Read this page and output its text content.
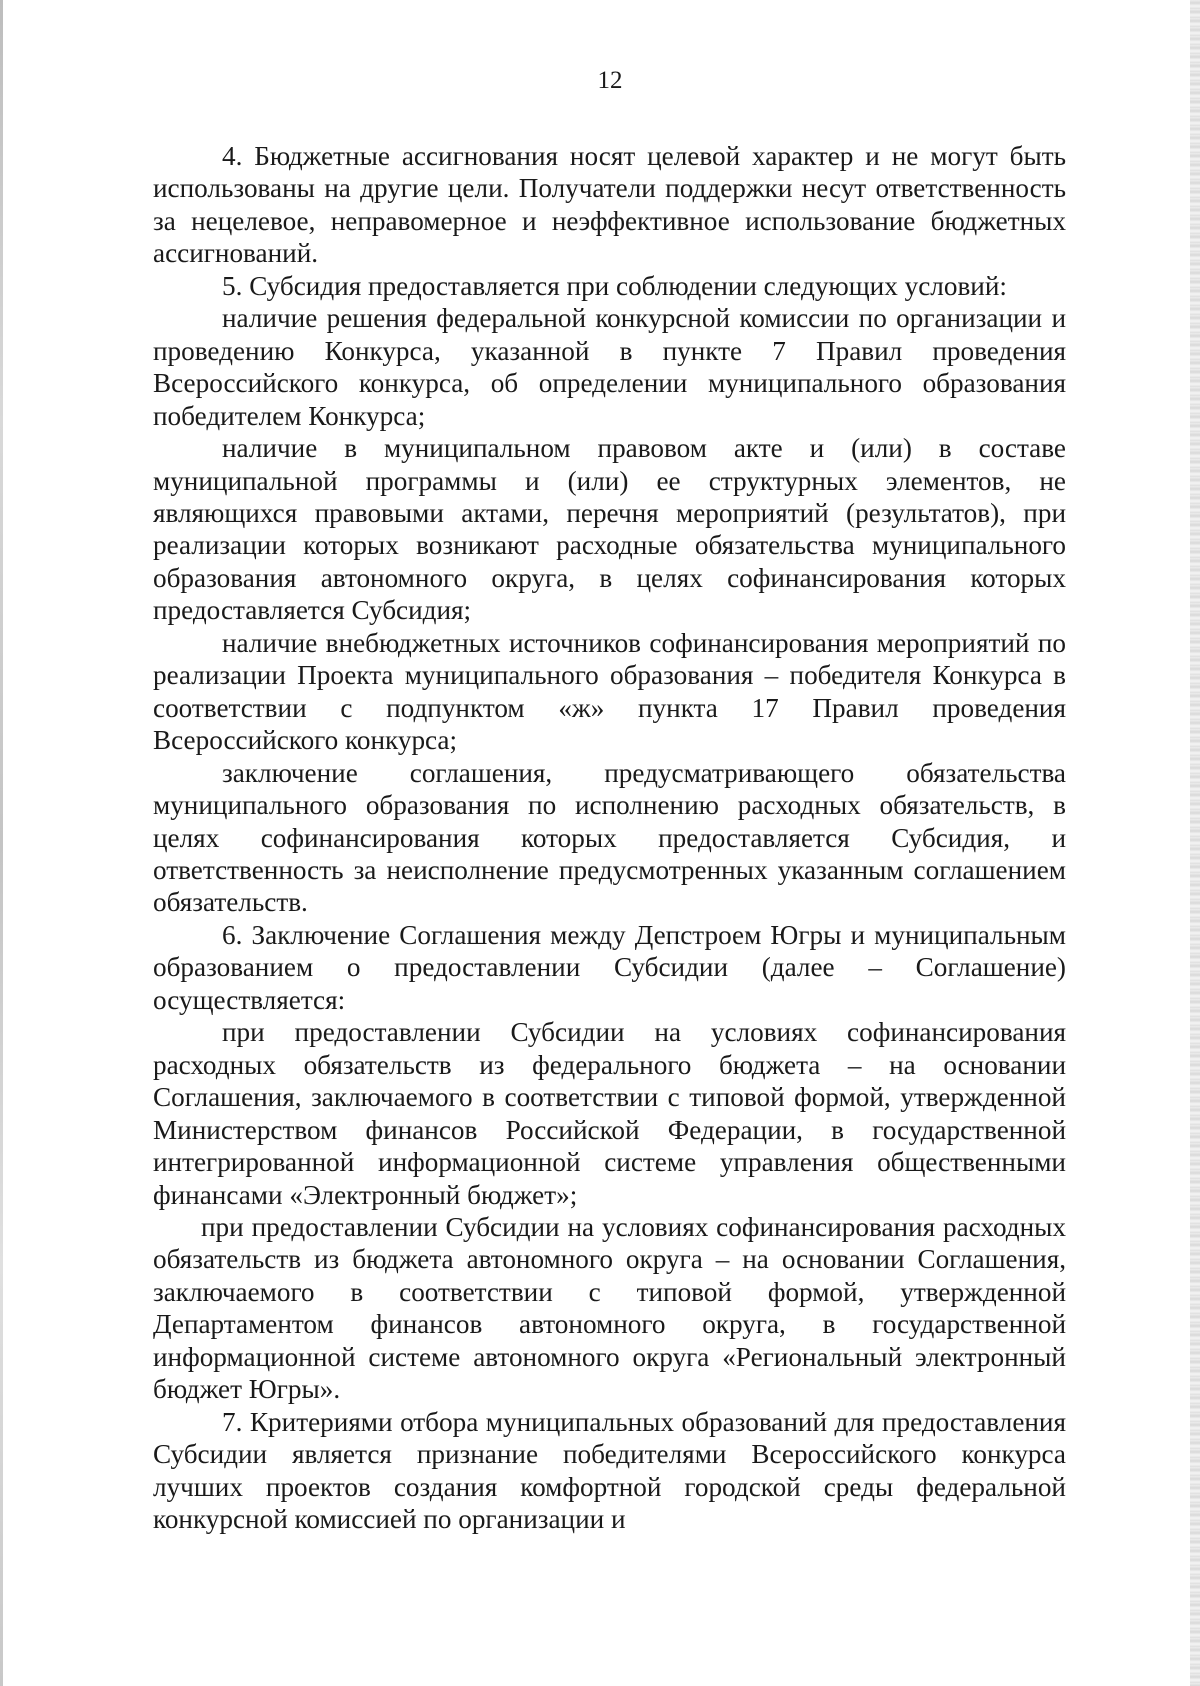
12

4. Бюджетные ассигнования носят целевой характер и не могут быть использованы на другие цели. Получатели поддержки несут ответственность за нецелевое, неправомерное и неэффективное использование бюджетных ассигнований.

5. Субсидия предоставляется при соблюдении следующих условий:

наличие решения федеральной конкурсной комиссии по организации и проведению Конкурса, указанной в пункте 7 Правил проведения Всероссийского конкурса, об определении муниципального образования победителем Конкурса;

наличие в муниципальном правовом акте и (или) в составе муниципальной программы и (или) ее структурных элементов, не являющихся правовыми актами, перечня мероприятий (результатов), при реализации которых возникают расходные обязательства муниципального образования автономного округа, в целях софинансирования которых предоставляется Субсидия;

наличие внебюджетных источников софинансирования мероприятий по реализации Проекта муниципального образования – победителя Конкурса в соответствии с подпунктом «ж» пункта 17 Правил проведения Всероссийского конкурса;

заключение соглашения, предусматривающего обязательства муниципального образования по исполнению расходных обязательств, в целях софинансирования которых предоставляется Субсидия, и ответственность за неисполнение предусмотренных указанным соглашением обязательств.

6. Заключение Соглашения между Депстроем Югры и муниципальным образованием о предоставлении Субсидии (далее – Соглашение) осуществляется:

при предоставлении Субсидии на условиях софинансирования расходных обязательств из федерального бюджета – на основании Соглашения, заключаемого в соответствии с типовой формой, утвержденной Министерством финансов Российской Федерации, в государственной интегрированной информационной системе управления общественными финансами «Электронный бюджет»;

при предоставлении Субсидии на условиях софинансирования расходных обязательств из бюджета автономного округа – на основании Соглашения, заключаемого в соответствии с типовой формой, утвержденной Департаментом финансов автономного округа, в государственной информационной системе автономного округа «Региональный электронный бюджет Югры».

7. Критериями отбора муниципальных образований для предоставления Субсидии является признание победителями Всероссийского конкурса лучших проектов создания комфортной городской среды федеральной конкурсной комиссией по организации и
